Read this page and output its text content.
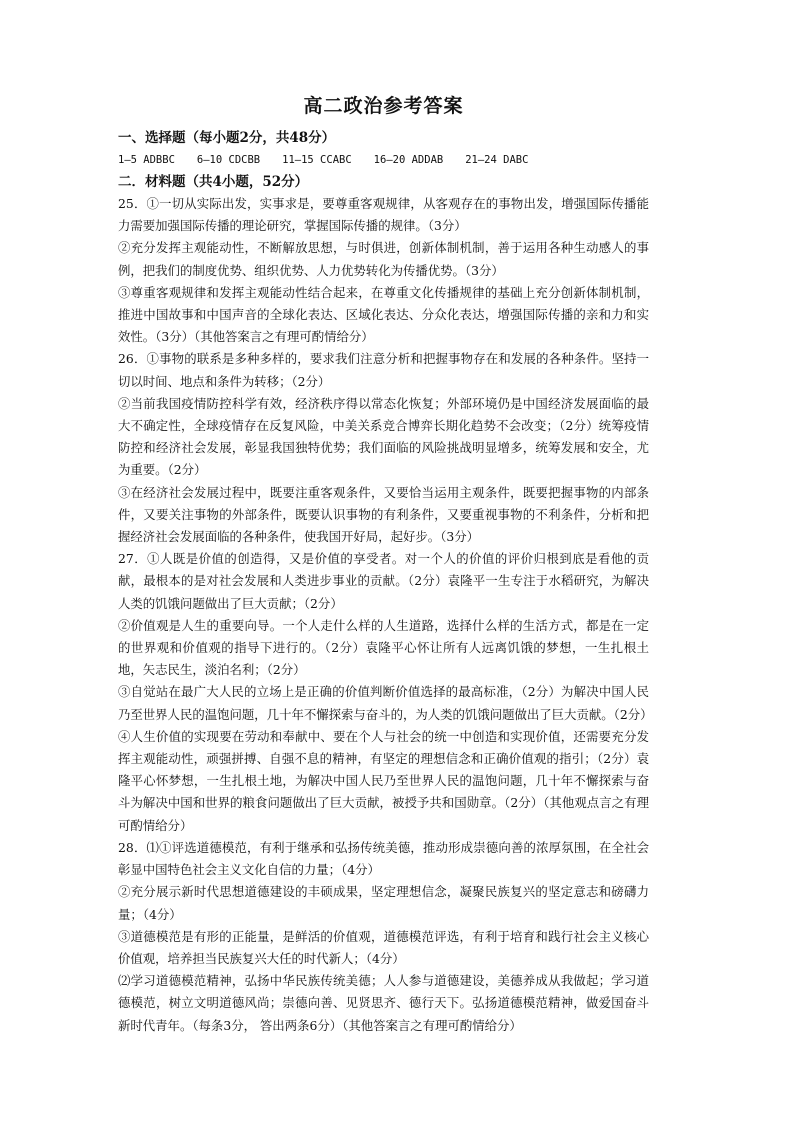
高二政治参考答案

一、选择题（每小题2分，共48分）

1—5 ADBBC 6—10 CDCBB 11—15 CCABC 16—20 ADDAB 21—24 DABC

二．材料题（共4小题，52分）

25．①一切从实际出发，实事求是，要尊重客观规律，从客观存在的事物出发，增强国际传播能力需要加强国际传播的理论研究，掌握国际传播的规律。（3分）

②充分发挥主观能动性，不断解放思想，与时俱进，创新体制机制，善于运用各种生动感人的事例，把我们的制度优势、组织优势、人力优势转化为传播优势。（3分）

③尊重客观规律和发挥主观能动性结合起来，在尊重文化传播规律的基础上充分创新体制机制，推进中国故事和中国声音的全球化表达、区域化表达、分众化表达，增强国际传播的亲和力和实效性。（3分）（其他答案言之有理可酌情给分）

26．①事物的联系是多种多样的，要求我们注意分析和把握事物存在和发展的各种条件。坚持一切以时间、地点和条件为转移；（2分）

②当前我国疫情防控科学有效，经济秩序得以常态化恢复；外部环境仍是中国经济发展面临的最大不确定性，全球疫情存在反复风险，中美关系竞合博弈长期化趋势不会改变；（2分）统筹疫情防控和经济社会发展，彰显我国独特优势；我们面临的风险挑战明显增多，统筹发展和安全，尤为重要。（2分）

③在经济社会发展过程中，既要注重客观条件，又要恰当运用主观条件，既要把握事物的内部条件，又要关注事物的外部条件，既要认识事物的有利条件，又要重视事物的不利条件，分析和把握经济社会发展面临的各种条件，使我国开好局，起好步。（3分）

27．①人既是价值的创造得，又是价值的享受者。对一个人的价值的评价归根到底是看他的贡献，最根本的是对社会发展和人类进步事业的贡献。（2分）袁隆平一生专注于水稻研究，为解决人类的饥饿问题做出了巨大贡献；（2分）

②价值观是人生的重要向导。一个人走什么样的人生道路，选择什么样的生活方式，都是在一定的世界观和价值观的指导下进行的。（2分）袁隆平心怀让所有人远离饥饿的梦想，一生扎根土地，矢志民生，淡泊名利；（2分）

③自觉站在最广大人民的立场上是正确的价值判断价值选择的最高标准，（2分）为解决中国人民乃至世界人民的温饱问题，几十年不懈探索与奋斗的，为人类的饥饿问题做出了巨大贡献。（2分）

④人生价值的实现要在劳动和奉献中、要在个人与社会的统一中创造和实现价值，还需要充分发挥主观能动性，顽强拼搏、自强不息的精神，有坚定的理想信念和正确价值观的指引；（2分）袁隆平心怀梦想，一生扎根土地，为解决中国人民乃至世界人民的温饱问题，几十年不懈探索与奋斗为解决中国和世界的粮食问题做出了巨大贡献，被授予共和国勋章。（2分）（其他观点言之有理可酌情给分）

28．⑴①评选道德模范，有利于继承和弘扬传统美德，推动形成崇德向善的浓厚氛围，在全社会彰显中国特色社会主义文化自信的力量；（4分）

②充分展示新时代思想道德建设的丰硕成果，坚定理想信念，凝聚民族复兴的坚定意志和磅礴力量；（4分）

③道德模范是有形的正能量，是鲜活的价值观，道德模范评选，有利于培育和践行社会主义核心价值观，培养担当民族复兴大任的时代新人；（4分）

⑵学习道德模范精神，弘扬中华民族传统美德；人人参与道德建设，美德养成从我做起；学习道德模范，树立文明道德风尚；崇德向善、见贤思齐、德行天下。弘扬道德模范精神，做爱国奋斗新时代青年。（每条3分， 答出两条6分）（其他答案言之有理可酌情给分）
